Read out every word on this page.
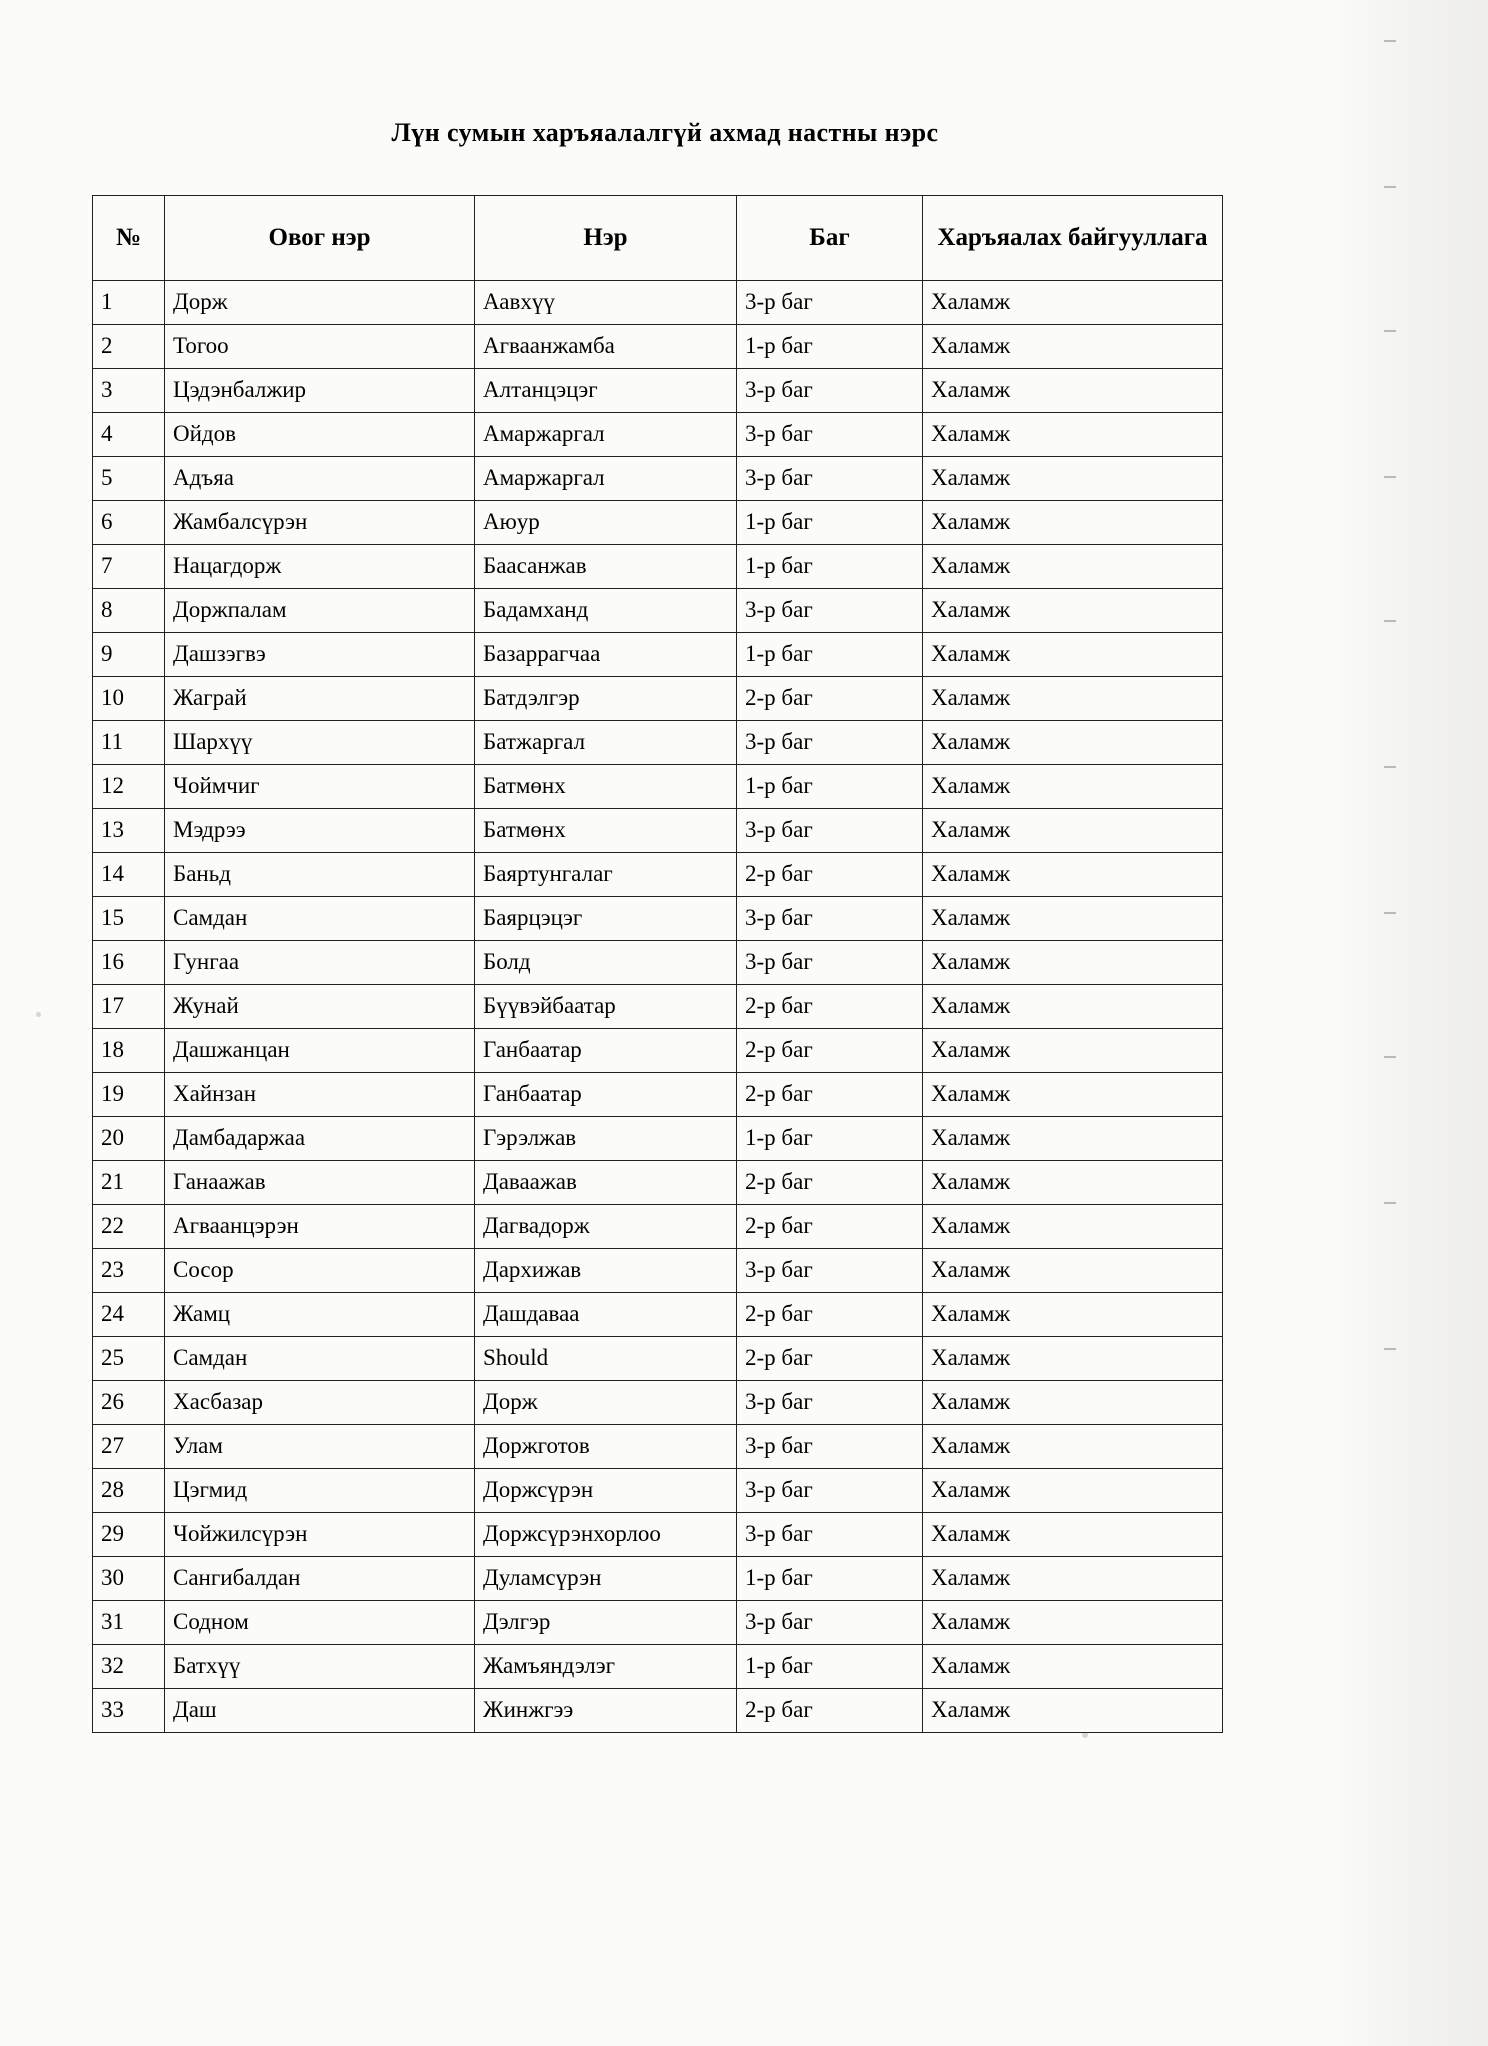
Лүн сумын харъяалалгүй ахмад настны нэрс
№	Овог нэр	Нэр	Баг	Харъяалах байгууллага
1	Дорж	Аавхүү	3-р баг	Халамж
2	Тогоо	Агваанжамба	1-р баг	Халамж
3	Цэдэнбалжир	Алтанцэцэг	3-р баг	Халамж
4	Ойдов	Амаржаргал	3-р баг	Халамж
5	Адъяа	Амаржаргал	3-р баг	Халамж
6	Жамбалсүрэн	Аюур	1-р баг	Халамж
7	Нацагдорж	Баасанжав	1-р баг	Халамж
8	Доржпалам	Бадамханд	3-р баг	Халамж
9	Дашзэгвэ	Базаррагчаа	1-р баг	Халамж
10	Жаграй	Батдэлгэр	2-р баг	Халамж
11	Шархүү	Батжаргал	3-р баг	Халамж
12	Чоймчиг	Батмөнх	1-р баг	Халамж
13	Мэдрээ	Батмөнх	3-р баг	Халамж
14	Баньд	Баяртунгалаг	2-р баг	Халамж
15	Самдан	Баярцэцэг	3-р баг	Халамж
16	Гунгаа	Болд	3-р баг	Халамж
17	Жунай	Бүүвэйбаатар	2-р баг	Халамж
18	Дашжанцан	Ганбаатар	2-р баг	Халамж
19	Хайнзан	Ганбаатар	2-р баг	Халамж
20	Дамбадаржаа	Гэрэлжав	1-р баг	Халамж
21	Ганаажав	Даваажав	2-р баг	Халамж
22	Агваанцэрэн	Дагвадорж	2-р баг	Халамж
23	Сосор	Дархижав	3-р баг	Халамж
24	Жамц	Дашдаваа	2-р баг	Халамж
25	Самдан	Should	2-р баг	Халамж
26	Хасбазар	Дорж	3-р баг	Халамж
27	Улам	Доржготов	3-р баг	Халамж
28	Цэгмид	Доржсүрэн	3-р баг	Халамж
29	Чойжилсүрэн	Доржсүрэнхорлоо	3-р баг	Халамж
30	Сангибалдан	Дуламсүрэн	1-р баг	Халамж
31	Содном	Дэлгэр	3-р баг	Халамж
32	Батхүү	Жамъяндэлэг	1-р баг	Халамж
33	Даш	Жинжгээ	2-р баг	Халамж
